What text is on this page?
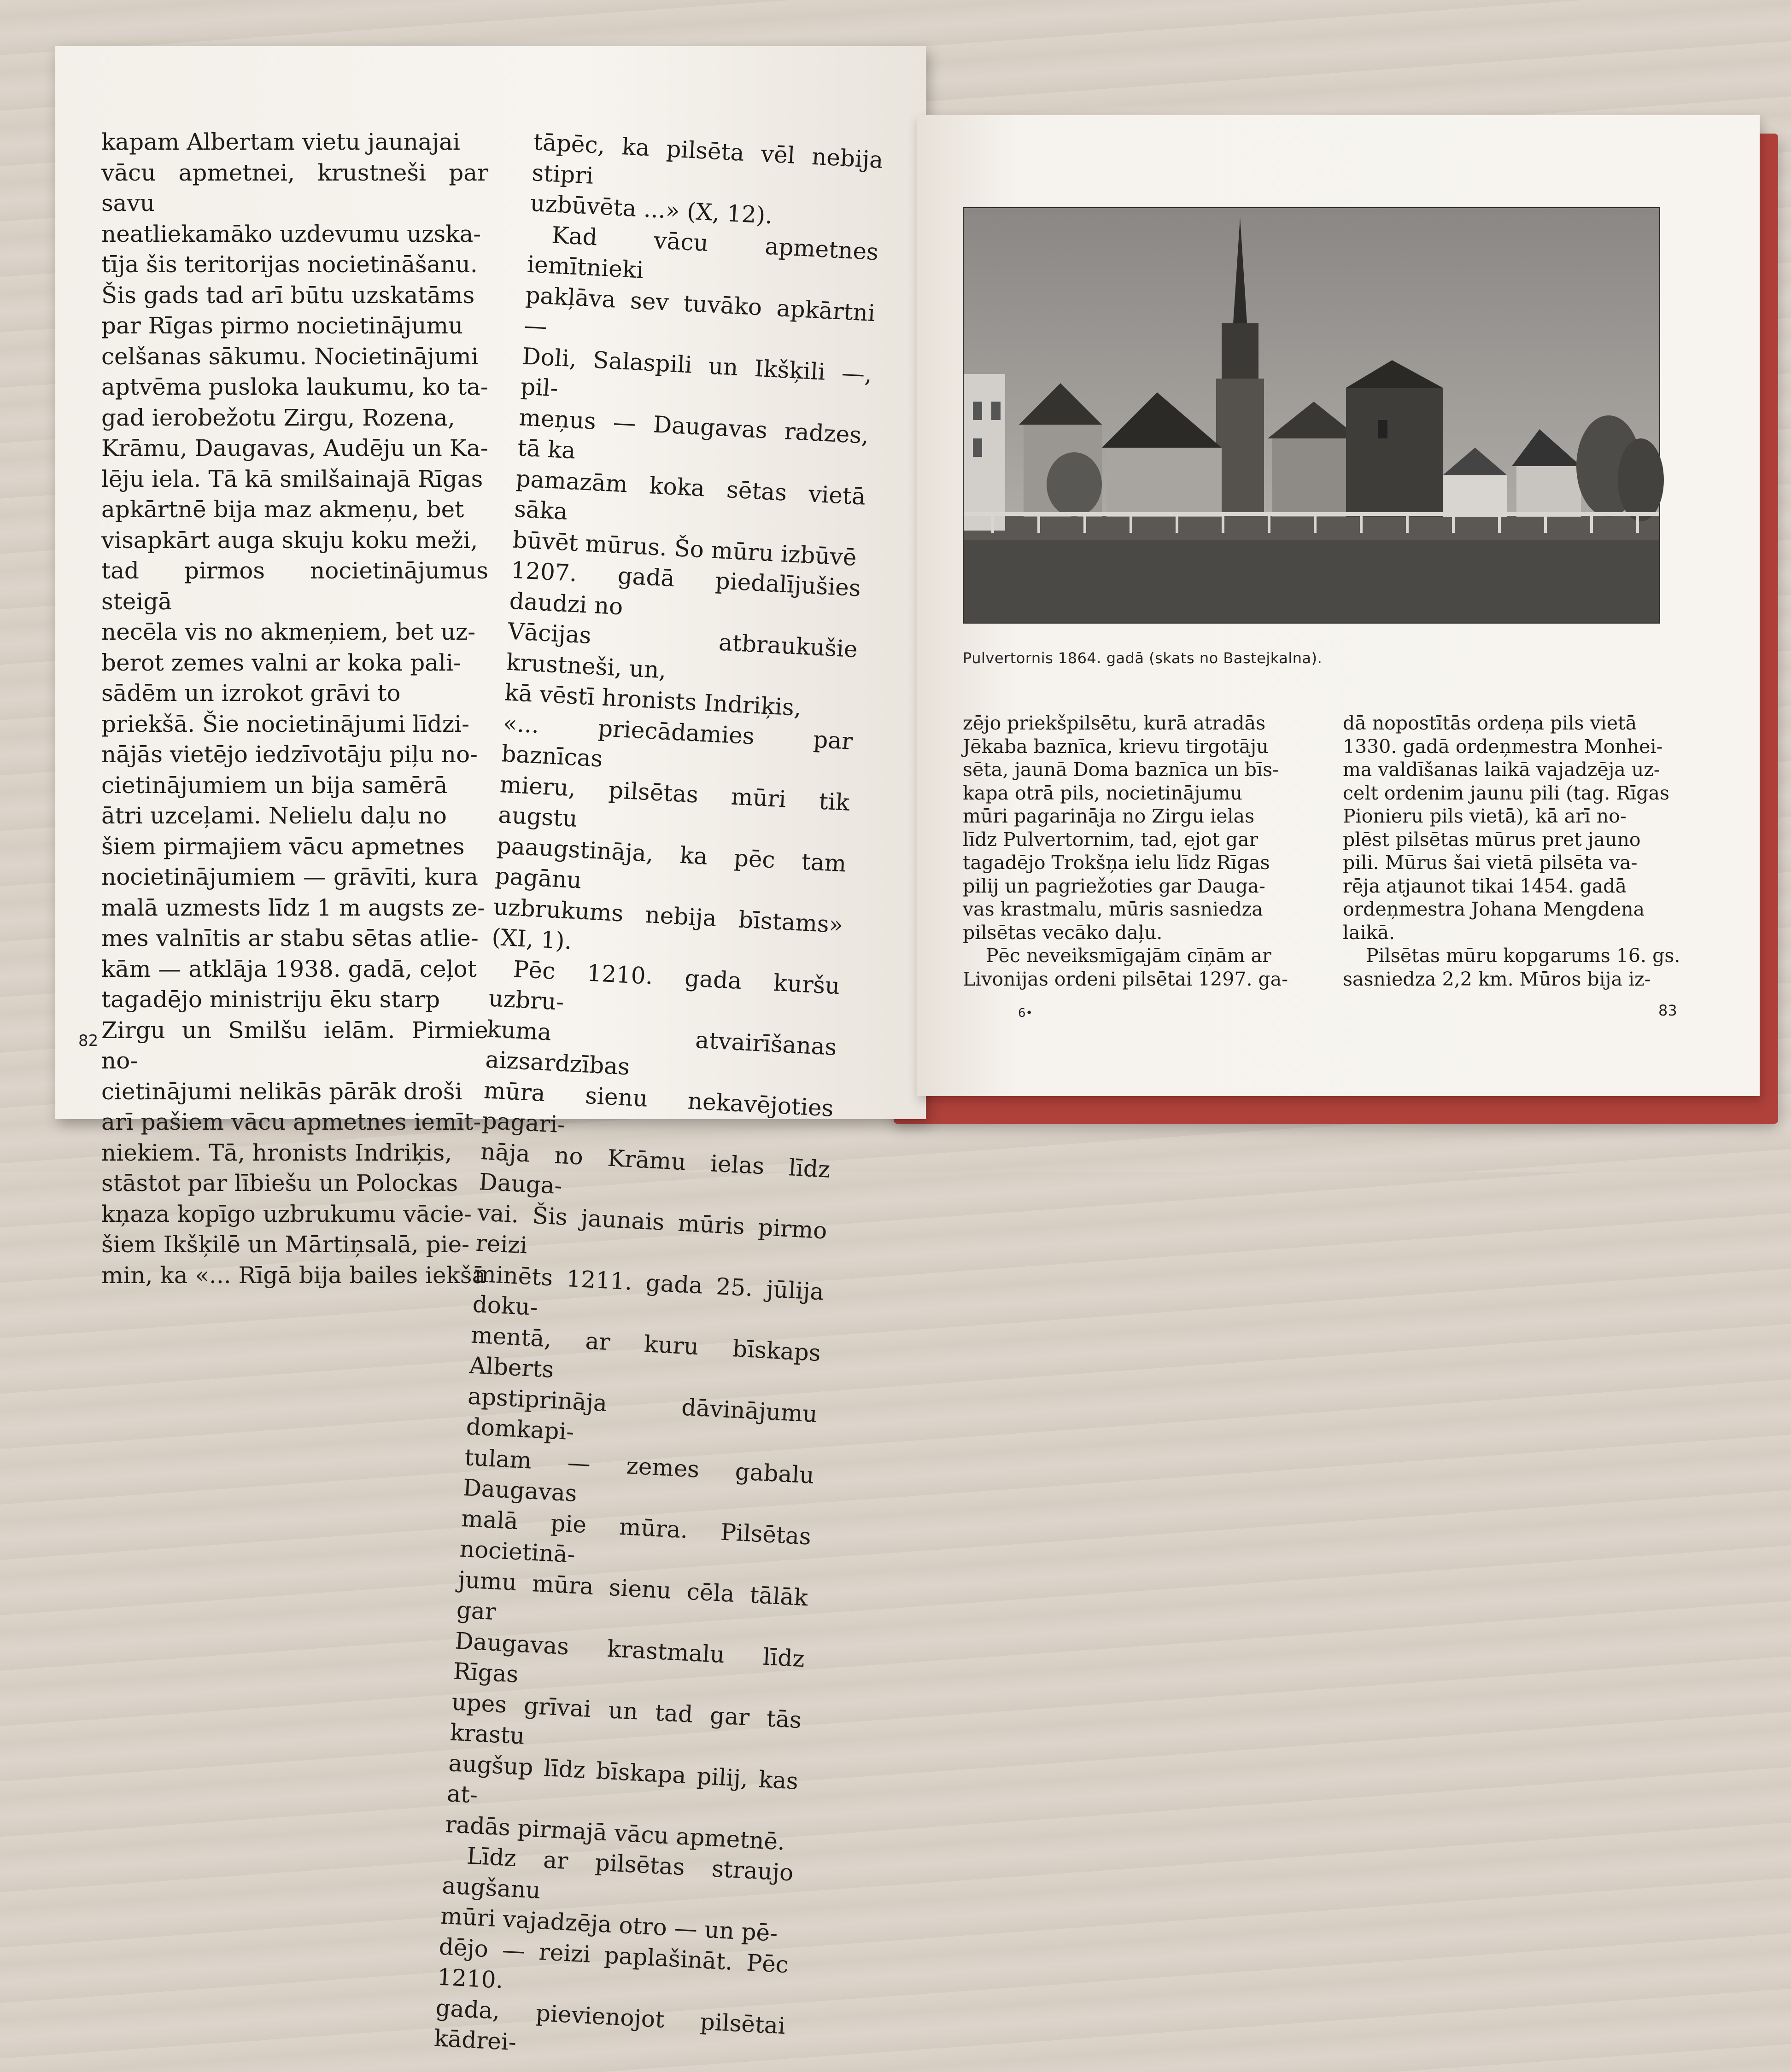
kapam Albertam vietu jaunajai
vācu apmetnei, krustneši par savu
neatliekamāko uzdevumu uzska-
tīja šis teritorijas nocietināšanu.
Šis gads tad arī būtu uzskatāms
par Rīgas pirmo nocietinājumu
celšanas sākumu. Nocietinājumi
aptvēma pusloka laukumu, ko ta-
gad ierobežotu Zirgu, Rozena,
Krāmu, Daugavas, Audēju un Ka-
lēju iela. Tā kā smilšainajā Rīgas
apkārtnē bija maz akmeņu, bet
visapkārt auga skuju koku meži,
tad pirmos nocietinājumus steigā
necēla vis no akmeņiem, bet uz-
berot zemes valni ar koka pali-
sādēm un izrokot grāvi to
priekšā. Šie nocietinājumi līdzi-
nājās vietējo iedzīvotāju piļu no-
cietinājumiem un bija samērā
ātri uzceļami. Nelielu daļu no
šiem pirmajiem vācu apmetnes
nocietinājumiem — grāvīti, kura
malā uzmests līdz 1 m augsts ze-
mes valnītis ar stabu sētas atlie-
kām — atklāja 1938. gadā, ceļot
tagadējo ministriju ēku starp
Zirgu un Smilšu ielām. Pirmie no-
cietinājumi nelikās pārāk droši
arī pašiem vācu apmetnes iemīt-
niekiem. Tā, hronists Indriķis,
stāstot par lībiešu un Polockas
kņaza kopīgo uzbrukumu vācie-
šiem Ikšķilē un Mārtiņsalā, pie-
min, ka «... Rīgā bija bailes iekšā

tāpēc, ka pilsēta vēl nebija stipri
uzbūvēta ...» (X, 12).

Kad vācu apmetnes iemītnieki
pakļāva sev tuvāko apkārtni —
Doli, Salaspili un Ikšķili —, pil-
meņus — Daugavas radzes, tā ka
pamazām koka sētas vietā sāka
būvēt mūrus. Šo mūru izbūvē
1207. gadā piedalījušies daudzi no
Vācijas atbraukušie krustneši, un,
kā vēstī hronists Indriķis,
«... priecādamies par baznīcas
mieru, pilsētas mūri tik augstu
paaugstināja, ka pēc tam pagānu
uzbrukums nebija bīstams» (XI, 1).

Pēc 1210. gada kuršu uzbru-
kuma atvairīšanas aizsardzības
mūra sienu nekavējoties pagari-
nāja no Krāmu ielas līdz Dauga-
vai. Šis jaunais mūris pirmo reizi
minēts 1211. gada 25. jūlija doku-
mentā, ar kuru bīskaps Alberts
apstiprināja dāvinājumu domkapi-
tulam — zemes gabalu Daugavas
malā pie mūra. Pilsētas nocietinā-
jumu mūra sienu cēla tālāk gar
Daugavas krastmalu līdz Rīgas
upes grīvai un tad gar tās krastu
augšup līdz bīskapa pilij, kas at-
radās pirmajā vācu apmetnē.

Līdz ar pilsētas straujo augšanu
mūri vajadzēja otro — un pē-
dējo — reizi paplašināt. Pēc 1210.
gada, pievienojot pilsētai kādrei-

82
Pulvertornis 1864. gadā (skats no Bastejkalna).

zējo priekšpilsētu, kurā atradās
Jēkaba baznīca, krievu tirgotāju
sēta, jaunā Doma baznīca un bīs-
kapa otrā pils, nocietinājumu
mūri pagarināja no Zirgu ielas
līdz Pulvertornim, tad, ejot gar
tagadējo Trokšņa ielu līdz Rīgas
pilij un pagriežoties gar Dauga-
vas krastmalu, mūris sasniedza
pilsētas vecāko daļu.

Pēc neveiksmīgajām cīņām ar
Livonijas ordeni pilsētai 1297. ga-

dā nopostītās ordeņa pils vietā
1330. gadā ordeņmestra Monhei-
ma valdīšanas laikā vajadzēja uz-
celt ordenim jaunu pili (tag. Rīgas
Pionieru pils vietā), kā arī no-
plēst pilsētas mūrus pret jauno
pili. Mūrus šai vietā pilsēta va-
rēja atjaunot tikai 1454. gadā
ordeņmestra Johana Mengdena
laikā.

Pilsētas mūru kopgarums 16. gs.
sasniedza 2,2 km. Mūros bija iz-

6•	83
